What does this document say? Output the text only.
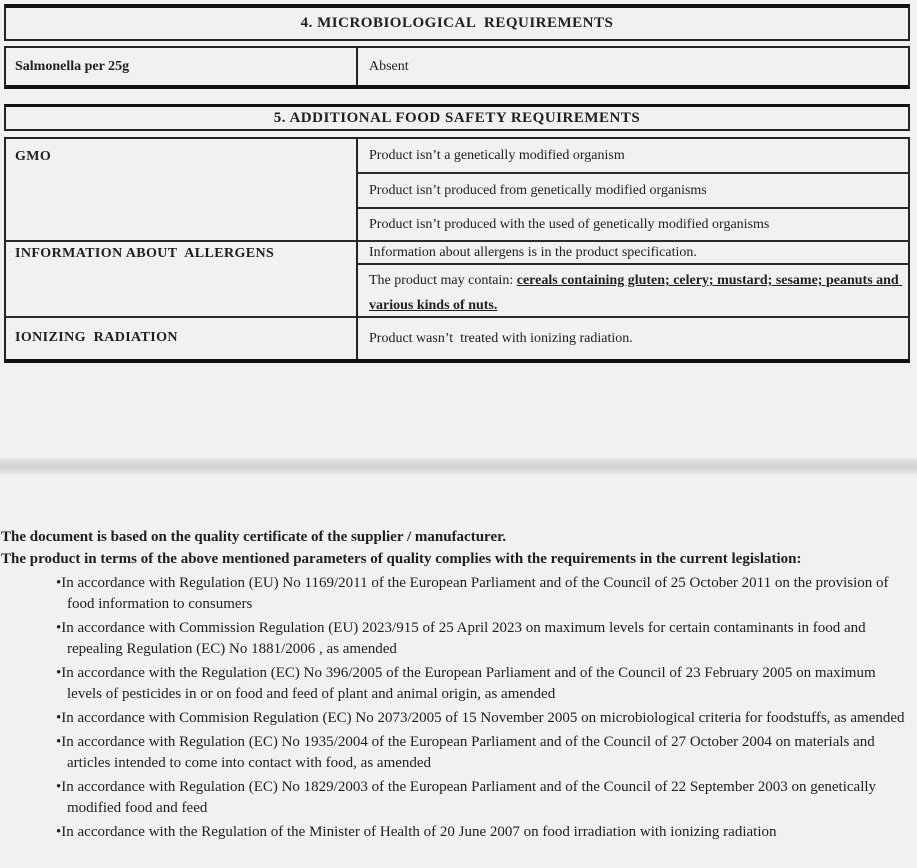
4. MICROBIOLOGICAL  REQUIREMENTS
Salmonella per 25g	Absent
5. ADDITIONAL FOOD SAFETY REQUIREMENTS
GMO	Product isn’t a genetically modified organism
Product isn’t produced from genetically modified organisms
Product isn’t produced with the used of genetically modified organisms
INFORMATION ABOUT  ALLERGENS	Information about allergens is in the product specification.
The product may contain: cereals containing gluten; celery; mustard; sesame; peanuts and various kinds of nuts.
IONIZING  RADIATION	Product wasn’t  treated with ionizing radiation.
The document is based on the quality certificate of the supplier / manufacturer.
The product in terms of the above mentioned parameters of quality complies with the requirements in the current legislation:
• In accordance with Regulation (EU) No 1169/2011 of the European Parliament and of the Council of 25 October 2011 on the provision of food information to consumers
• In accordance with Commission Regulation (EU) 2023/915 of 25 April 2023 on maximum levels for certain contaminants in food and repealing Regulation (EC) No 1881/2006 , as amended
• In accordance with the Regulation (EC) No 396/2005 of the European Parliament and of the Council of 23 February 2005 on maximum levels of pesticides in or on food and feed of plant and animal origin, as amended
• In accordance with Commision Regulation (EC) No 2073/2005 of 15 November 2005 on microbiological criteria for foodstuffs, as amended
• In accordance with Regulation (EC) No 1935/2004 of the European Parliament and of the Council of 27 October 2004 on materials and articles intended to come into contact with food, as amended
• In accordance with Regulation (EC) No 1829/2003 of the European Parliament and of the Council of 22 September 2003 on genetically modified food and feed
• In accordance with the Regulation of the Minister of Health of 20 June 2007 on food irradiation with ionizing radiation
